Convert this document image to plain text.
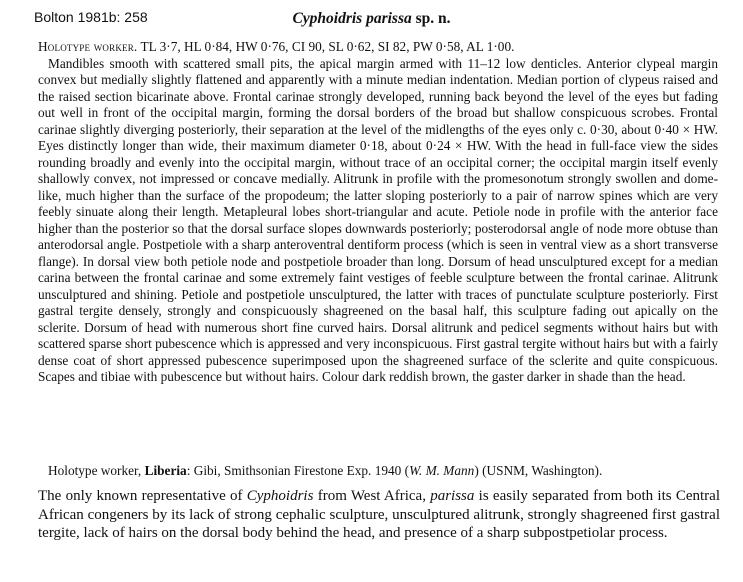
Bolton 1981b: 258	Cyphoidris parissa sp. n.
Holotype worker. TL 3·7, HL 0·84, HW 0·76, CI 90, SL 0·62, SI 82, PW 0·58, AL 1·00.
Mandibles smooth with scattered small pits, the apical margin armed with 11–12 low denticles. Anterior clypeal margin convex but medially slightly flattened and apparently with a minute median indentation. Median portion of clypeus raised and the raised section bicarinate above. Frontal carinae strongly developed, running back beyond the level of the eyes but fading out well in front of the occipital margin, forming the dorsal borders of the broad but shallow conspicuous scrobes. Frontal carinae slightly diverging posteriorly, their separation at the level of the midlengths of the eyes only c. 0·30, about 0·40 × HW. Eyes distinctly longer than wide, their maximum diameter 0·18, about 0·24 × HW. With the head in full-face view the sides rounding broadly and evenly into the occipital margin, without trace of an occipital corner; the occipital margin itself evenly shallowly convex, not impressed or concave medially. Alitrunk in profile with the promesonotum strongly swollen and dome-like, much higher than the surface of the propodeum; the latter sloping posteriorly to a pair of narrow spines which are very feebly sinuate along their length. Metapleural lobes short-triangular and acute. Petiole node in profile with the anterior face higher than the posterior so that the dorsal surface slopes downwards posteriorly; posterodorsal angle of node more obtuse than anterodorsal angle. Postpetiole with a sharp anteroventral dentiform process (which is seen in ventral view as a short transverse flange). In dorsal view both petiole node and postpetiole broader than long. Dorsum of head unsculptured except for a median carina between the frontal carinae and some extremely faint vestiges of feeble sculpture between the frontal carinae. Alitrunk unsculptured and shining. Petiole and postpetiole unsculptured, the latter with traces of punctulate sculpture posteriorly. First gastral tergite densely, strongly and conspicuously shagreened on the basal half, this sculpture fading out apically on the sclerite. Dorsum of head with numerous short fine curved hairs. Dorsal alitrunk and pedicel segments without hairs but with scattered sparse short pubescence which is appressed and very inconspicuous. First gastral tergite without hairs but with a fairly dense coat of short appressed pubescence superimposed upon the shagreened surface of the sclerite and quite conspicuous. Scapes and tibiae with pubescence but without hairs. Colour dark reddish brown, the gaster darker in shade than the head.
Holotype worker, Liberia: Gibi, Smithsonian Firestone Exp. 1940 (W. M. Mann) (USNM, Washington).
The only known representative of Cyphoidris from West Africa, parissa is easily separated from both its Central African congeners by its lack of strong cephalic sculpture, unsculptured alitrunk, strongly shagreened first gastral tergite, lack of hairs on the dorsal body behind the head, and presence of a sharp subpostpetiolar process.
